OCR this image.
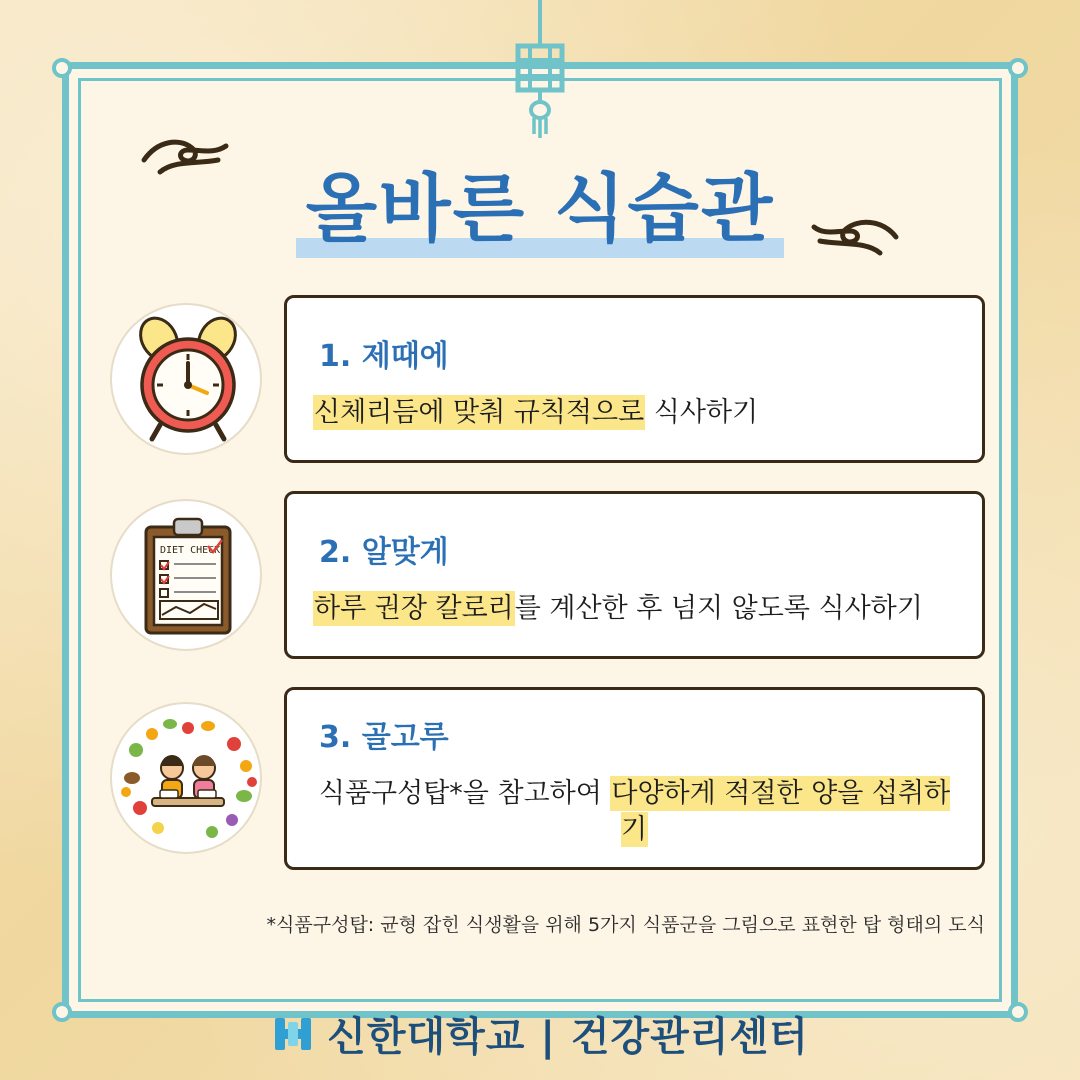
올바른 식습관
1. 제때에
신체리듬에 맞춰 규칙적으로 식사하기
DIET CHECK	2. 알맞게
하루 권장 칼로리를 계산한 후 넘지 않도록 식사하기
3. 골고루
식품구성탑*을 참고하여 다양하게 적절한 양을 섭취하기
*식품구성탑: 균형 잡힌 식생활을 위해 5가지 식품군을 그림으로 표현한 탑 형태의 도식
신한대학교 | 건강관리센터
